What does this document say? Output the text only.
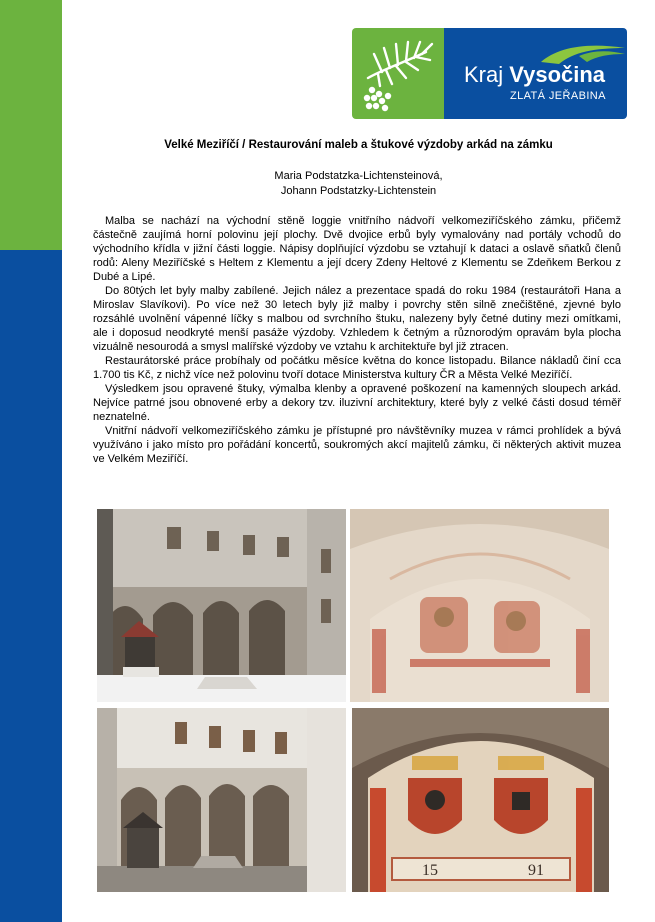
Kraj Vysočina
ZLATÁ JEŘABINA
Velké Meziříčí / Restaurování maleb a štukové výzdoby arkád na zámku
Maria Podstatzka-Lichtensteinová,
Johann Podstatzky-Lichtenstein

Malba se nachází na východní stěně loggie vnitřního nádvoří velkomeziříčského zámku, přičemž částečně zaujímá horní polovinu její plochy. Dvě dvojice erbů byly vymalovány nad portály vchodů do východního křídla v jižní části loggie. Nápisy doplňující výzdobu se vztahují k dataci a oslavě sňatků členů rodů: Aleny Meziříčské s Heltem z Klementu a její dcery Zdeny Heltové z Klementu se Zdeňkem Berkou z Dubé a Lipé.

Do 80tých let byly malby zabílené. Jejich nález a prezentace spadá do roku 1984 (restaurátoři Hana a Miroslav Slavíkovi). Po více než 30 letech byly již malby i povrchy stěn silně znečištěné, zjevné bylo rozsáhlé uvolnění vápenné líčky s malbou od svrchního štuku, nalezeny byly četné dutiny mezi omítkami, ale i doposud neodkryté menší pasáže výzdoby. Vzhledem k četným a různorodým opravám byla plocha vizuálně nesourodá a smysl malířské výzdoby ve vztahu k architektuře byl již ztracen.

Restaurátorské práce probíhaly od počátku měsíce května do konce listopadu. Bilance nákladů činí cca 1.700 tis Kč, z nichž více než polovinu tvoří dotace Ministerstva kultury ČR a Města Velké Meziříčí.

Výsledkem jsou opravené štuky, výmalba klenby a opravené poškození na kamenných sloupech arkád. Nejvíce patrné jsou obnovené erby a dekory tzv. iluzivní architektury, které byly z velké části dosud téměř neznatelné.

Vnitřní nádvoří velkomeziříčského zámku je přístupné pro návštěvníky muzea v rámci prohlídek a bývá využíváno i jako místo pro pořádání koncertů, soukromých akcí majitelů zámku, či některých aktivit muzea ve Velkém Meziříčí.

15	91
